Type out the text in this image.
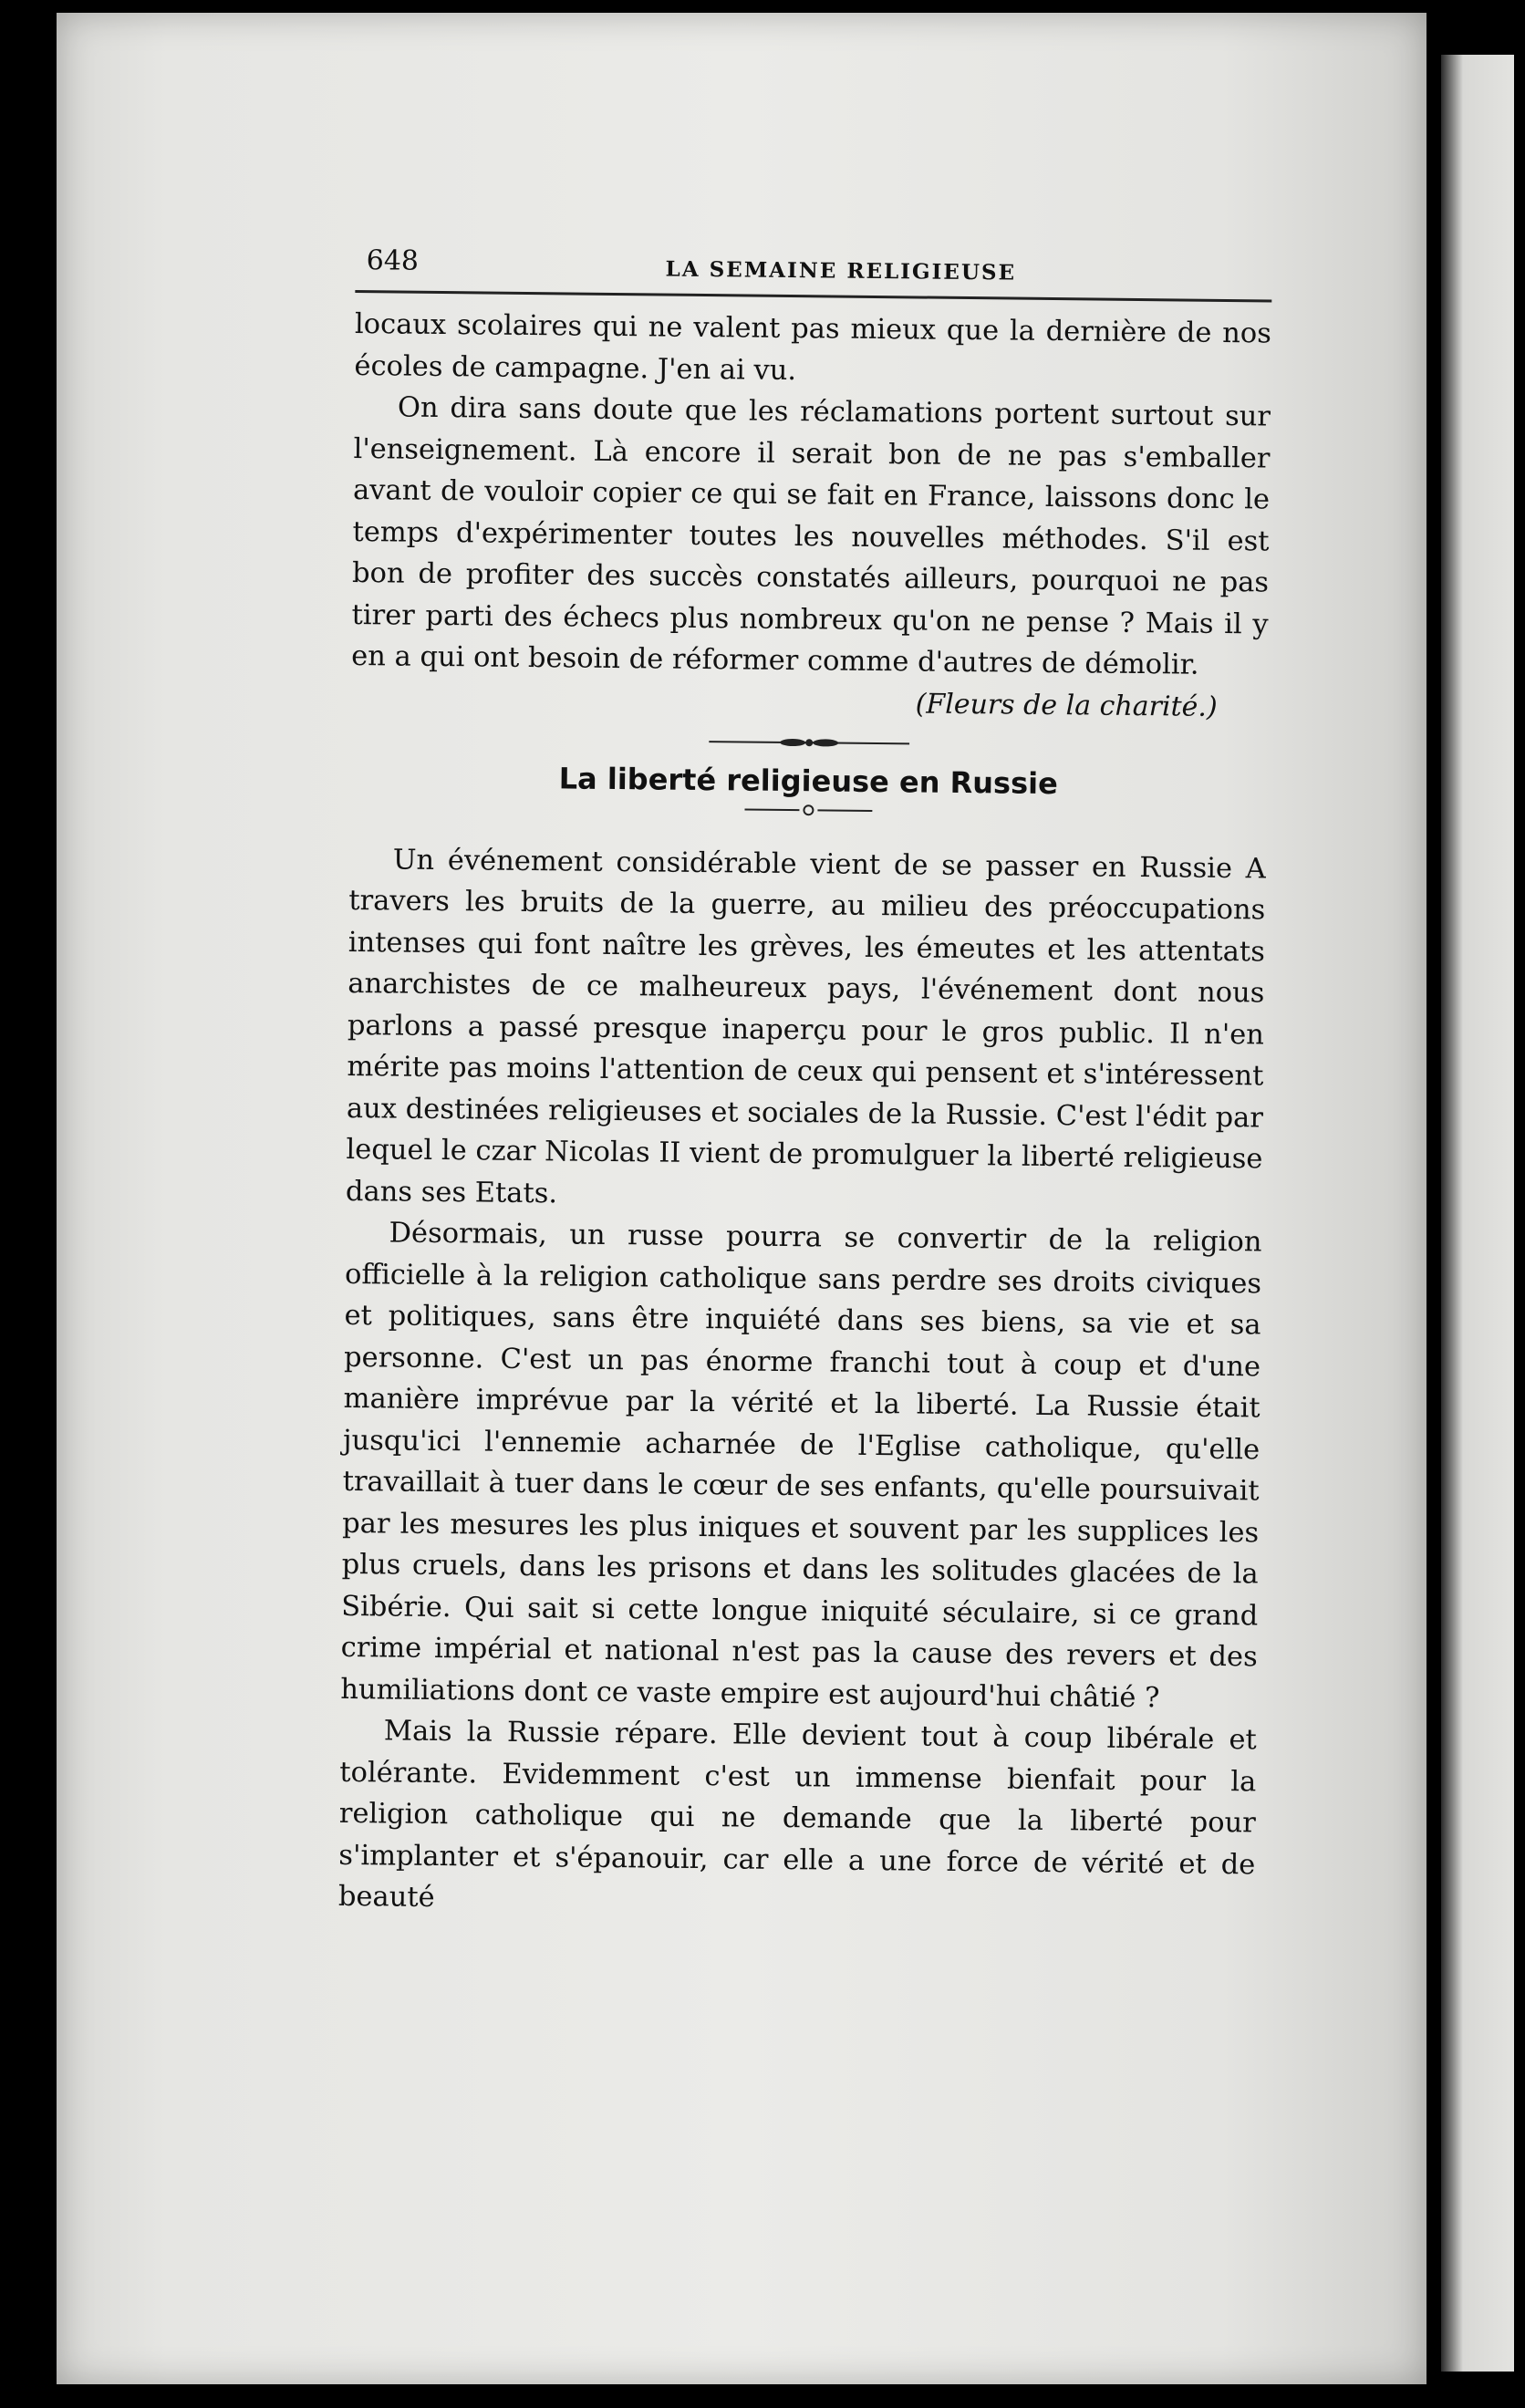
648	LA SEMAINE RELIGIEUSE

locaux scolaires qui ne valent pas mieux que la dernière de nos écoles de campagne. J'en ai vu.

On dira sans doute que les réclamations portent surtout sur l'enseignement. Là encore il serait bon de ne pas s'emballer avant de vouloir copier ce qui se fait en France, laissons donc le temps d'expérimenter toutes les nouvelles méthodes. S'il est bon de profiter des succès constatés ailleurs, pourquoi ne pas tirer parti des échecs plus nombreux qu'on ne pense ? Mais il y en a qui ont besoin de réformer comme d'autres de démolir.

(Fleurs de la charité.)

La liberté religieuse en Russie

Un événement considérable vient de se passer en Russie A travers les bruits de la guerre, au milieu des préoccupations intenses qui font naître les grèves, les émeutes et les attentats anarchistes de ce malheureux pays, l'événement dont nous parlons a passé presque inaperçu pour le gros public. Il n'en mérite pas moins l'attention de ceux qui pensent et s'intéressent aux destinées religieuses et sociales de la Russie. C'est l'édit par lequel le czar Nicolas II vient de promulguer la liberté religieuse dans ses Etats.

Désormais, un russe pourra se convertir de la religion officielle à la religion catholique sans perdre ses droits civiques et politiques, sans être inquiété dans ses biens, sa vie et sa personne. C'est un pas énorme franchi tout à coup et d'une manière imprévue par la vérité et la liberté. La Russie était jusqu'ici l'ennemie acharnée de l'Eglise catholique, qu'elle travaillait à tuer dans le cœur de ses enfants, qu'elle poursuivait par les mesures les plus iniques et souvent par les supplices les plus cruels, dans les prisons et dans les solitudes glacées de la Sibérie. Qui sait si cette longue iniquité séculaire, si ce grand crime impérial et national n'est pas la cause des revers et des humiliations dont ce vaste empire est aujourd'hui châtié ?

Mais la Russie répare. Elle devient tout à coup libérale et tolérante. Evidemment c'est un immense bienfait pour la religion catholique qui ne demande que la liberté pour s'implanter et s'épanouir, car elle a une force de vérité et de beauté
